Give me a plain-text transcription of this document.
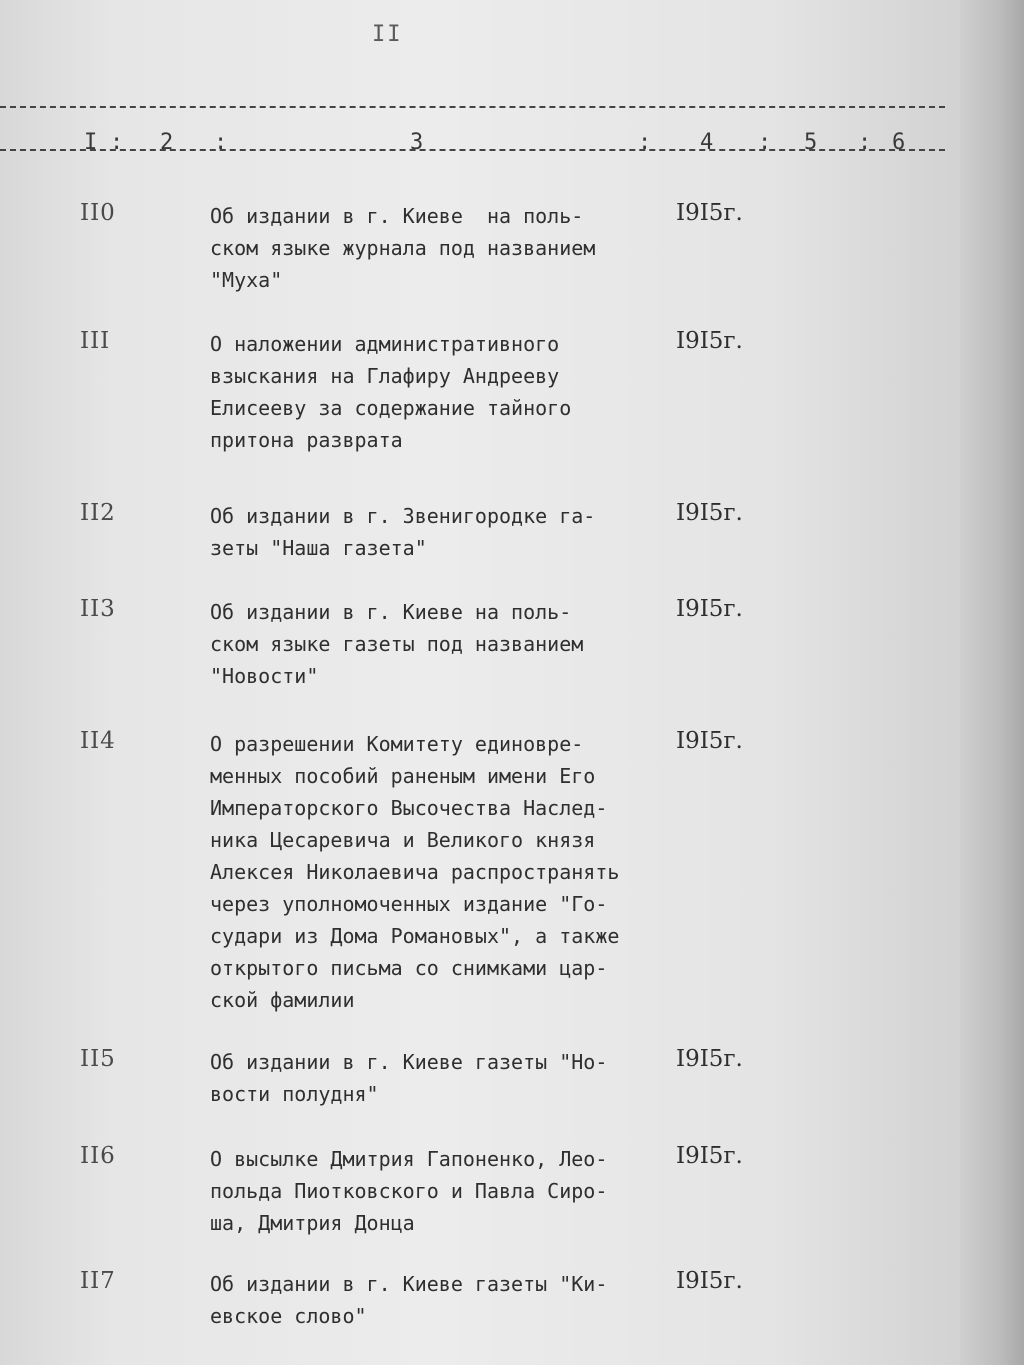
II
I : 2 :	3	: 4 : 5 : 6
II0	Об издании в г. Киеве  на поль-
ском языке журнала под названием
"Муха"
I9I5г.
III	О наложении административного
взыскания на Глафиру Андрееву
Елисееву за содержание тайного
притона разврата
I9I5г.
II2	Об издании в г. Звенигородке га-
зеты "Наша газета"
I9I5г.
II3	Об издании в г. Киеве на поль-
ском языке газеты под названием
"Новости"
I9I5г.
II4	О разрешении Комитету единовре-
менных пособий раненым имени Его
Императорского Высочества Наслед-
ника Цесаревича и Великого князя
Алексея Николаевича распространять
через уполномоченных издание "Го-
судари из Дома Романовых", а также
открытого письма со снимками цар-
ской фамилии
I9I5г.
II5	Об издании в г. Киеве газеты "Но-
вости полудня"
I9I5г.
II6	О высылке Дмитрия Гапоненко, Лео-
польда Пиотковского и Павла Сиро-
ша, Дмитрия Донца
I9I5г.
II7	Об издании в г. Киеве газеты "Ки-
евское слово"
I9I5г.
